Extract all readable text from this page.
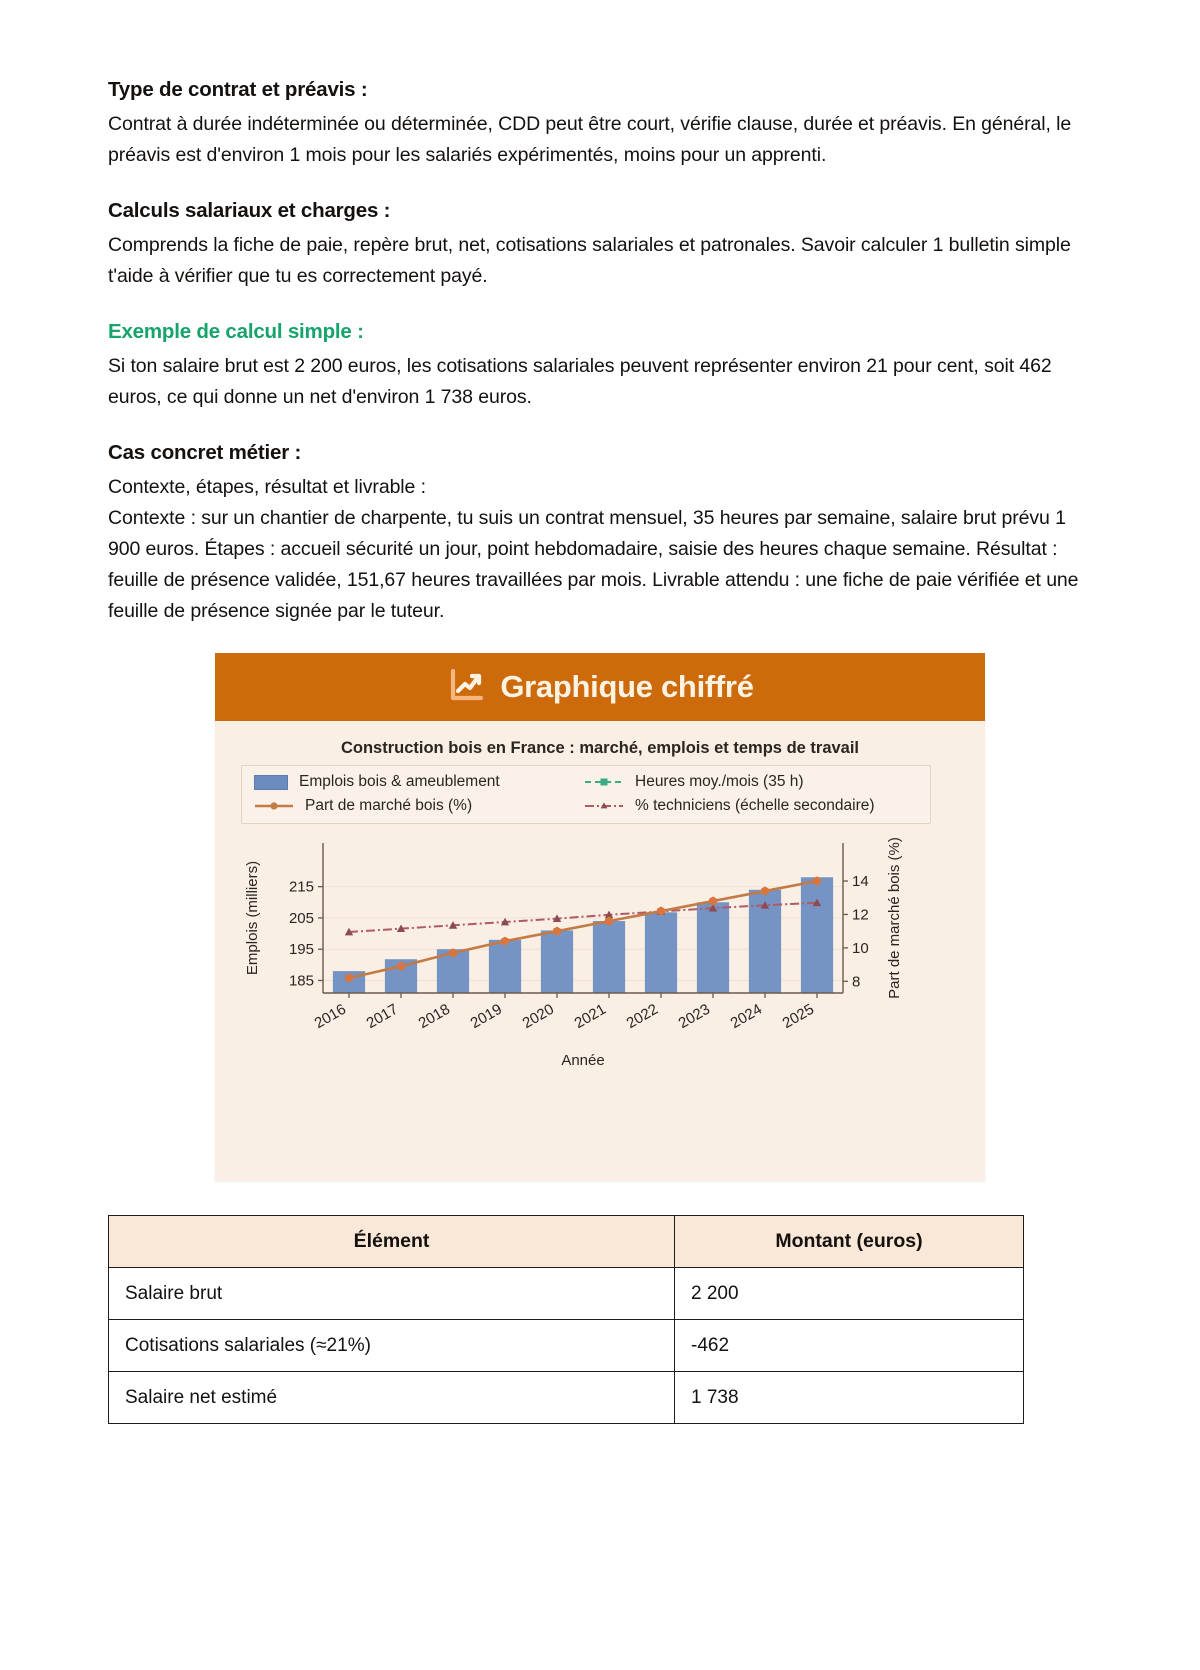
Type de contrat et préavis :

Contrat à durée indéterminée ou déterminée, CDD peut être court, vérifie clause, durée et préavis. En général, le préavis est d'environ 1 mois pour les salariés expérimentés, moins pour un apprenti.

Calculs salariaux et charges :

Comprends la fiche de paie, repère brut, net, cotisations salariales et patronales. Savoir calculer 1 bulletin simple t'aide à vérifier que tu es correctement payé.

Exemple de calcul simple :

Si ton salaire brut est 2 200 euros, les cotisations salariales peuvent représenter environ 21 pour cent, soit 462 euros, ce qui donne un net d'environ 1 738 euros.

Cas concret métier :

Contexte, étapes, résultat et livrable :

Contexte : sur un chantier de charpente, tu suis un contrat mensuel, 35 heures par semaine, salaire brut prévu 1 900 euros. Étapes : accueil sécurité un jour, point hebdomadaire, saisie des heures chaque semaine. Résultat : feuille de présence validée, 151,67 heures travaillées par mois. Livrable attendu : une fiche de paie vérifiée et une feuille de présence signée par le tuteur.

Graphique chiffré
Construction bois en France : marché, emplois et temps de travail
Emplois bois & ameublement	Heures moy./mois (35 h)
Part de marché bois (%)	% techniciens (échelle secondaire)
185
195
205
215
8
10
12
14
2016 2017 2018 2019 2020 2021 2022 2023 2024 2025
Année
Emplois (milliers)	Part de marché bois (%)
Élément	Montant (euros)
Salaire brut	2 200
Cotisations salariales (≈21%)	-462
Salaire net estimé	1 738
